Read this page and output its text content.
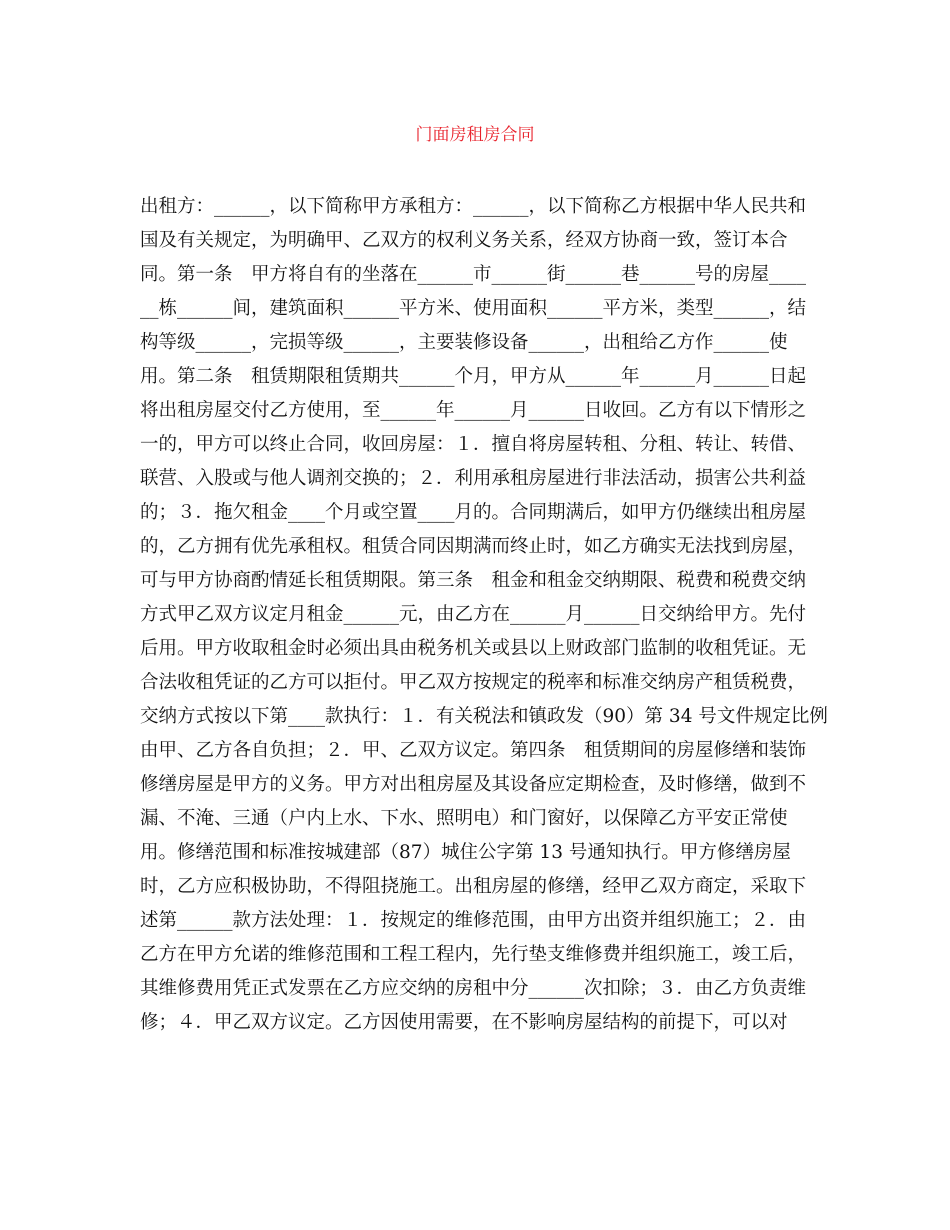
门面房租房合同
出租方：______，以下简称甲方承租方：______，以下简称乙方根据中华人民共和
国及有关规定，为明确甲、乙双方的权利义务关系，经双方协商一致，签订本合
同。第一条　甲方将自有的坐落在______市______街______巷______号的房屋____
__栋______间，建筑面积______平方米、使用面积______平方米，类型______，结
构等级______，完损等级______，主要装修设备______，出租给乙方作______使
用。第二条　租赁期限租赁期共______个月，甲方从______年______月______日起
将出租房屋交付乙方使用，至______年______月______日收回。乙方有以下情形之
一的，甲方可以终止合同，收回房屋：１．擅自将房屋转租、分租、转让、转借、
联营、入股或与他人调剂交换的；２．利用承租房屋进行非法活动，损害公共利益
的；３．拖欠租金____个月或空置____月的。合同期满后，如甲方仍继续出租房屋
的，乙方拥有优先承租权。租赁合同因期满而终止时，如乙方确实无法找到房屋，
可与甲方协商酌情延长租赁期限。第三条　租金和租金交纳期限、税费和税费交纳
方式甲乙双方议定月租金______元，由乙方在______月______日交纳给甲方。先付
后用。甲方收取租金时必须出具由税务机关或县以上财政部门监制的收租凭证。无
合法收租凭证的乙方可以拒付。甲乙双方按规定的税率和标准交纳房产租赁税费，
交纳方式按以下第____款执行：１．有关税法和镇政发（90）第 34 号文件规定比例
由甲、乙方各自负担；２．甲、乙双方议定。第四条　租赁期间的房屋修缮和装饰
修缮房屋是甲方的义务。甲方对出租房屋及其设备应定期检查，及时修缮，做到不
漏、不淹、三通（户内上水、下水、照明电）和门窗好，以保障乙方平安正常使
用。修缮范围和标准按城建部（87）城住公字第 13 号通知执行。甲方修缮房屋
时，乙方应积极协助，不得阻挠施工。出租房屋的修缮，经甲乙双方商定，采取下
述第______款方法处理：１．按规定的维修范围，由甲方出资并组织施工；２．由
乙方在甲方允诺的维修范围和工程工程内，先行垫支维修费并组织施工，竣工后，
其维修费用凭正式发票在乙方应交纳的房租中分______次扣除；３．由乙方负责维
修；４．甲乙双方议定。乙方因使用需要，在不影响房屋结构的前提下，可以对
